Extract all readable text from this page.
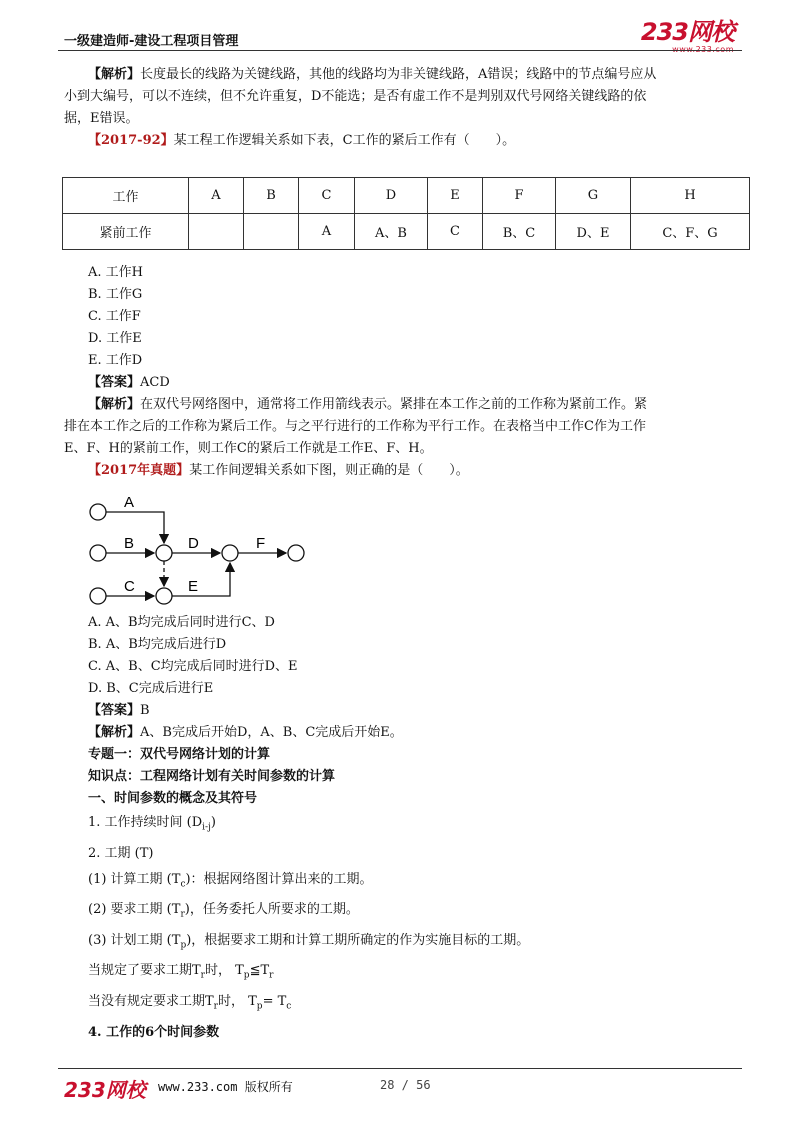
一级建造师-建设工程项目管理	233网校
www.233.com

【解析】长度最长的线路为关键线路，其他的线路均为非关键线路，A错误；线路中的节点编号应从

小到大编号，可以不连续，但不允许重复，D不能选；是否有虚工作不是判别双代号网络关键线路的依

据，E错误。

【2017-92】某工程工作逻辑关系如下表，C工作的紧后工作有（　　）。

工作	A	B	C	D	E	F	G	H
紧前工作			A	A、B	C	B、C	D、E	C、F、G

A. 工作H

B. 工作G

C. 工作F

D. 工作E

E. 工作D

【答案】ACD

【解析】在双代号网络图中，通常将工作用箭线表示。紧排在本工作之前的工作称为紧前工作。紧

排在本工作之后的工作称为紧后工作。与之平行进行的工作称为平行工作。在表格当中工作C作为工作

E、F、H的紧前工作，则工作C的紧后工作就是工作E、F、H。

【2017年真题】某工作间逻辑关系如下图，则正确的是（　　）。

A
B
C
D
E
F

A. A、B均完成后同时进行C、D

B. A、B均完成后进行D

C. A、B、C均完成后同时进行D、E

D. B、C完成后进行E

【答案】B

【解析】A、B完成后开始D，A、B、C完成后开始E。

专题一：双代号网络计划的计算

知识点：工程网络计划有关时间参数的计算

一、时间参数的概念及其符号

1. 工作持续时间 $(D_{i-j})$

2. 工期 (T)

(1) 计算工期 $(T_c)$：根据网络图计算出来的工期。

(2) 要求工期 $(T_r)$，任务委托人所要求的工期。

(3) 计划工期 $(T_p)$，根据要求工期和计算工期所确定的作为实施目标的工期。

当规定了要求工期$T_r$时， $T_p≦T_r$

当没有规定要求工期$T_r$时， $T_p= T_c$

4. 工作的6个时间参数

233网校 www.233.com 版权所有	28 / 56
